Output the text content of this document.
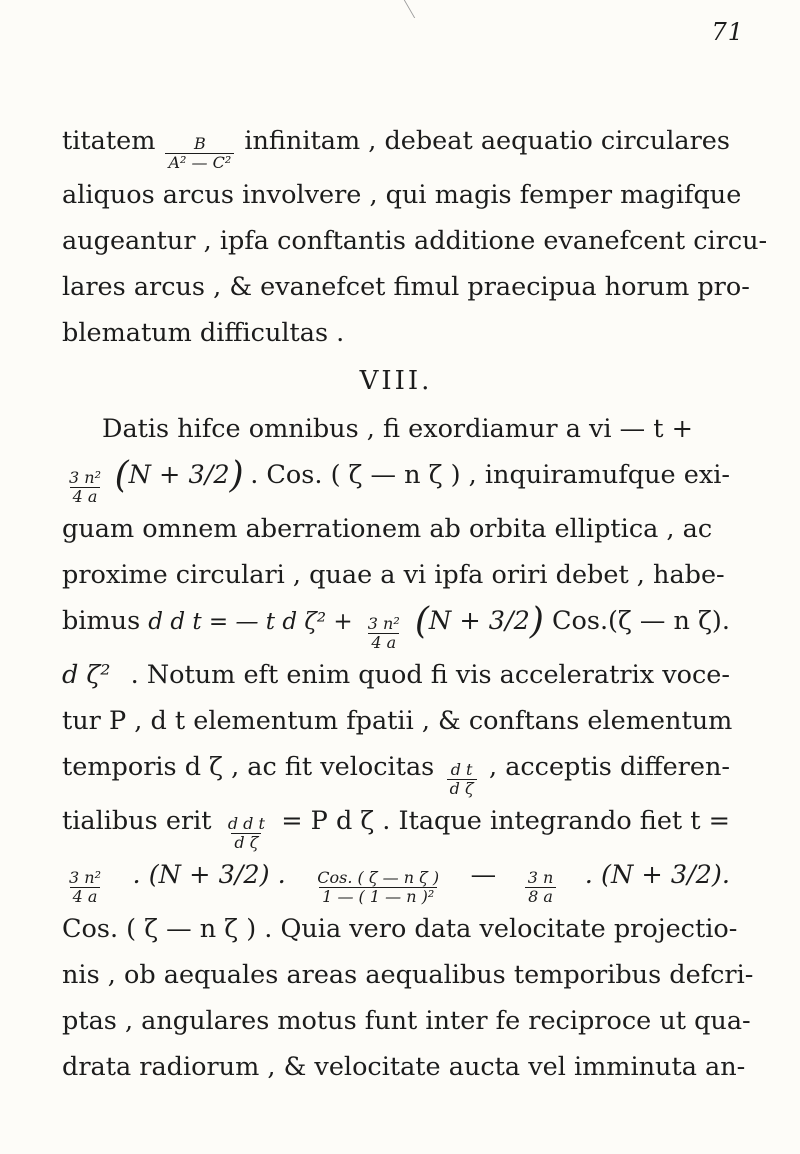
71
titatem $\frac{B}{\text{A² — C²}}$ infinitam , debeat aequatio circulares
aliquos arcus involvere , qui magis femper magifque
augeantur , ipfa conftantis additione evanefcent circu-
lares arcus , & evanefcet fimul praecipua horum pro-
blematum difficultas .
VIII.
Datis hifce omnibus , fi exordiamur a vi — t +
$\frac{\text{3 n²}}{4 a} (N + 3/2)$ . Cos. ( ζ — n ζ ) , inquiramufque exi-
guam omnem aberrationem ab orbita elliptica , ac
proxime circulari , quae a vi ipfa oriri debet , habe-
bimus d d t = — t d $\zeta^2 + \frac{\text{3 n²}}{4 a} (N + 3/2)$ Cos.(ζ — n ζ).
d ζ² . Notum eft enim quod fi vis acceleratrix voce-
tur P , d t elementum fpatii , & conftans elementum
temporis d ζ , ac fit velocitas $\frac{\text{d t}}{\text{d ζ}}$ , acceptis differen-
tialibus erit $\frac{\text{d d t}}{\text{d ζ}} = P$ d ζ . Itaque integrando fiet t =
$\frac{\text{3 n²}}{4 a}$ . (N + 3/2) . $\frac{\text{Cos. ( ζ — n ζ )}}{\text{1 — ( 1 — n )²}}$ — $\frac{3 n}{8 a}$ . (N + 3/2).
Cos. ( ζ — n ζ ) . Quia vero data velocitate projectio-
nis , ob aequales areas aequalibus temporibus defcri-
ptas , angulares motus funt inter fe reciproce ut qua-
drata radiorum , & velocitate aucta vel imminuta an-
